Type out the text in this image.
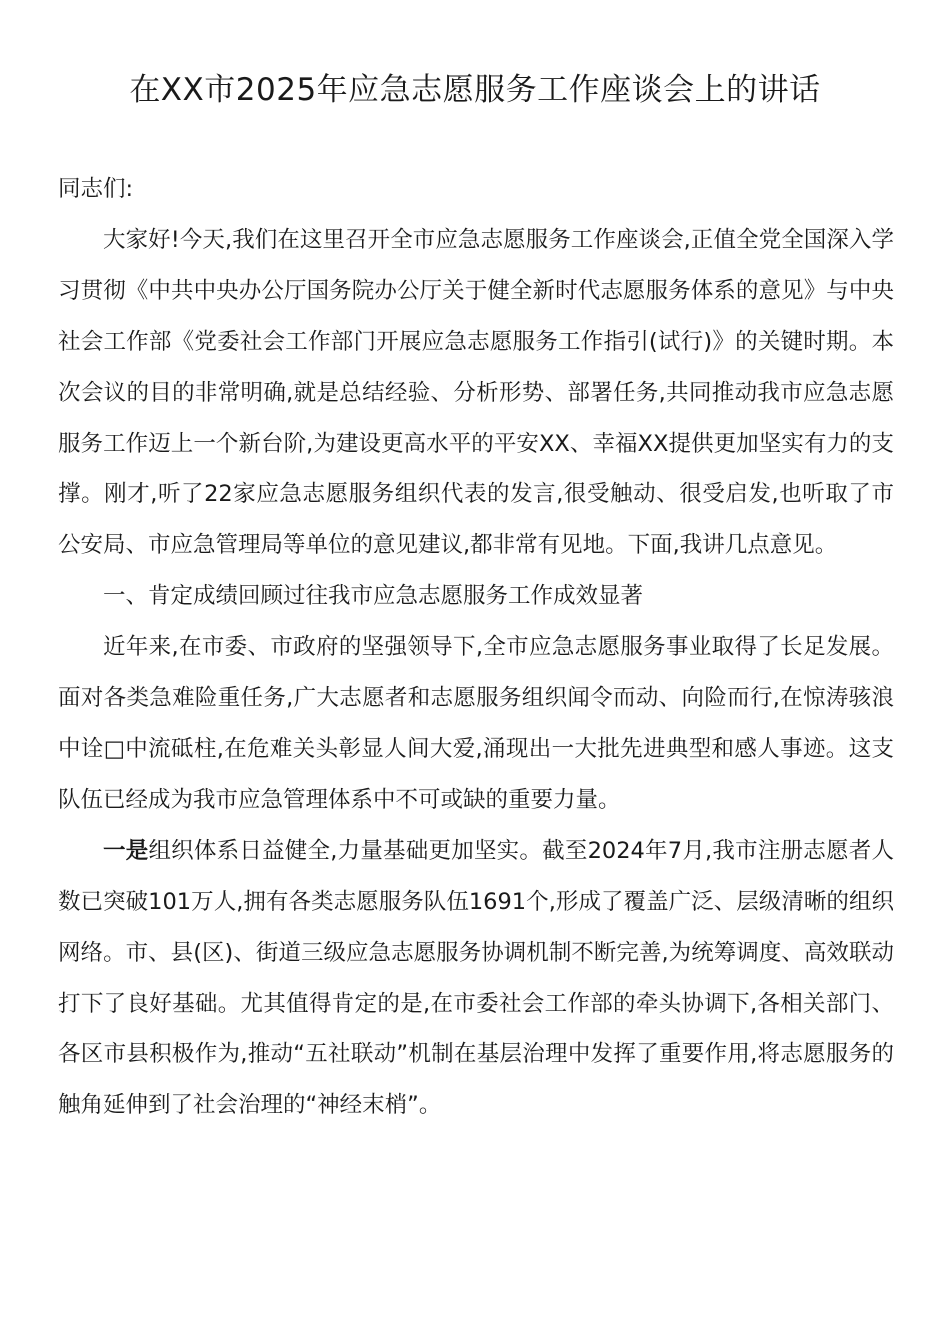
在XX市2025年应急志愿服务工作座谈会上的讲话

同志们:

大家好!今天,我们在这里召开全市应急志愿服务工作座谈会,正值全党全国深入学习贯彻《中共中央办公厅国务院办公厅关于健全新时代志愿服务体系的意见》与中央社会工作部《党委社会工作部门开展应急志愿服务工作指引(试行)》的关键时期。本次会议的目的非常明确,就是总结经验、分析形势、部署任务,共同推动我市应急志愿服务工作迈上一个新台阶,为建设更高水平的平安XX、幸福XX提供更加坚实有力的支撑。刚才,听了22家应急志愿服务组织代表的发言,很受触动、很受启发,也听取了市公安局、市应急管理局等单位的意见建议,都非常有见地。下面,我讲几点意见。

一、肯定成绩回顾过往我市应急志愿服务工作成效显著

近年来,在市委、市政府的坚强领导下,全市应急志愿服务事业取得了长足发展。面对各类急难险重任务,广大志愿者和志愿服务组织闻令而动、向险而行,在惊涛骇浪中诠□中流砥柱,在危难关头彰显人间大爱,涌现出一大批先进典型和感人事迹。这支队伍已经成为我市应急管理体系中不可或缺的重要力量。

一是组织体系日益健全,力量基础更加坚实。截至2024年7月,我市注册志愿者人数已突破101万人,拥有各类志愿服务队伍1691个,形成了覆盖广泛、层级清晰的组织网络。市、县(区)、街道三级应急志愿服务协调机制不断完善,为统筹调度、高效联动打下了良好基础。尤其值得肯定的是,在市委社会工作部的牵头协调下,各相关部门、各区市县积极作为,推动“五社联动”机制在基层治理中发挥了重要作用,将志愿服务的触角延伸到了社会治理的“神经末梢”。
